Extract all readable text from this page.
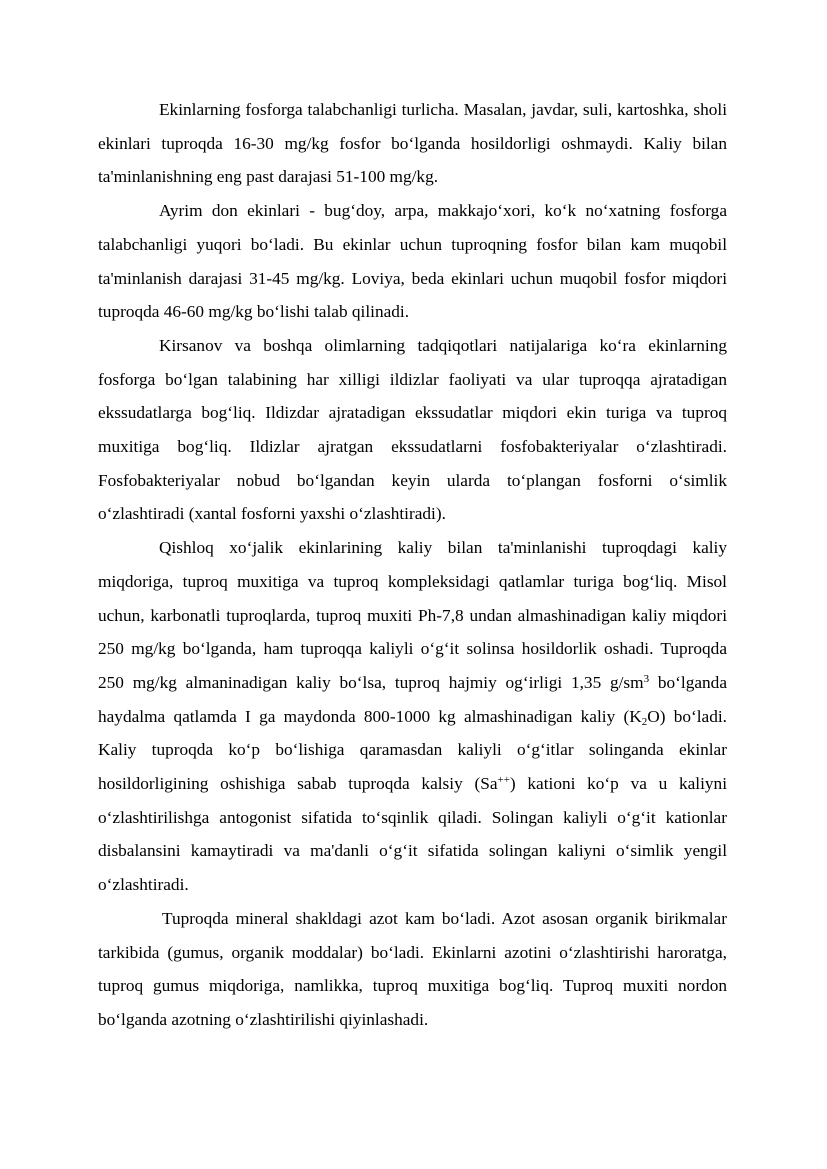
Ekinlarning fosforga talabchanligi turlicha. Masalan, javdar, suli, kartoshka, sholi ekinlari tuproqda 16-30 mg/kg fosfor bo‘lganda hosildorligi oshmaydi. Kaliy bilan ta'minlanishning eng past darajasi 51-100 mg/kg.

Ayrim don ekinlari - bug‘doy, arpa, makkajo‘xori, ko‘k no‘xatning fosforga talabchanligi yuqori bo‘ladi. Bu ekinlar uchun tuproqning fosfor bilan kam muqobil ta'minlanish darajasi 31-45 mg/kg. Loviya, beda ekinlari uchun muqobil fosfor miqdori tuproqda 46-60 mg/kg bo‘lishi talab qilinadi.

Kirsanov va boshqa olimlarning tadqiqotlari natijalariga ko‘ra ekinlarning fosforga bo‘lgan talabining har xilligi ildizlar faoliyati va ular tuproqqa ajratadigan ekssudatlarga bog‘liq. Ildizdar ajratadigan ekssudatlar miqdori ekin turiga va tuproq muxitiga bog‘liq. Ildizlar ajratgan ekssudatlarni fosfobakteriyalar o‘zlashtiradi. Fosfobakteriyalar nobud bo‘lgandan keyin ularda to‘plangan fosforni o‘simlik o‘zlashtiradi (xantal fosforni yaxshi o‘zlashtiradi).

Qishloq xo‘jalik ekinlarining kaliy bilan ta'minlanishi tuproqdagi kaliy miqdoriga, tuproq muxitiga va tuproq kompleksidagi qatlamlar turiga bog‘liq. Misol uchun, karbonatli tuproqlarda, tuproq muxiti Ph-7,8 undan almashinadigan kaliy miqdori 250 mg/kg bo‘lganda, ham tuproqqa kaliyli o‘g‘it solinsa hosildorlik oshadi. Tuproqda 250 mg/kg almaninadigan kaliy bo‘lsa, tuproq hajmiy og‘irligi 1,35 $g/sm^3$ bo‘lganda haydalma qatlamda I ga maydonda 800-1000 kg almashinadigan kaliy $(K_2O)$ bo‘ladi. Kaliy tuproqda ko‘p bo‘lishiga qaramasdan kaliyli o‘g‘itlar solinganda ekinlar hosildorligining oshishiga sabab tuproqda kalsiy (Sa++) kationi ko‘p va u kaliyni o‘zlashtirilishga antogonist sifatida to‘sqinlik qiladi. Solingan kaliyli o‘g‘it kationlar disbalansini kamaytiradi va ma'danli o‘g‘it sifatida solingan kaliyni o‘simlik yengil o‘zlashtiradi.

Tuproqda mineral shakldagi azot kam bo‘ladi. Azot asosan organik birikmalar tarkibida (gumus, organik moddalar) bo‘ladi. Ekinlarni azotini o‘zlashtirishi haroratga, tuproq gumus miqdoriga, namlikka, tuproq muxitiga bog‘liq. Tuproq muxiti nordon bo‘lganda azotning o‘zlashtirilishi qiyinlashadi.
